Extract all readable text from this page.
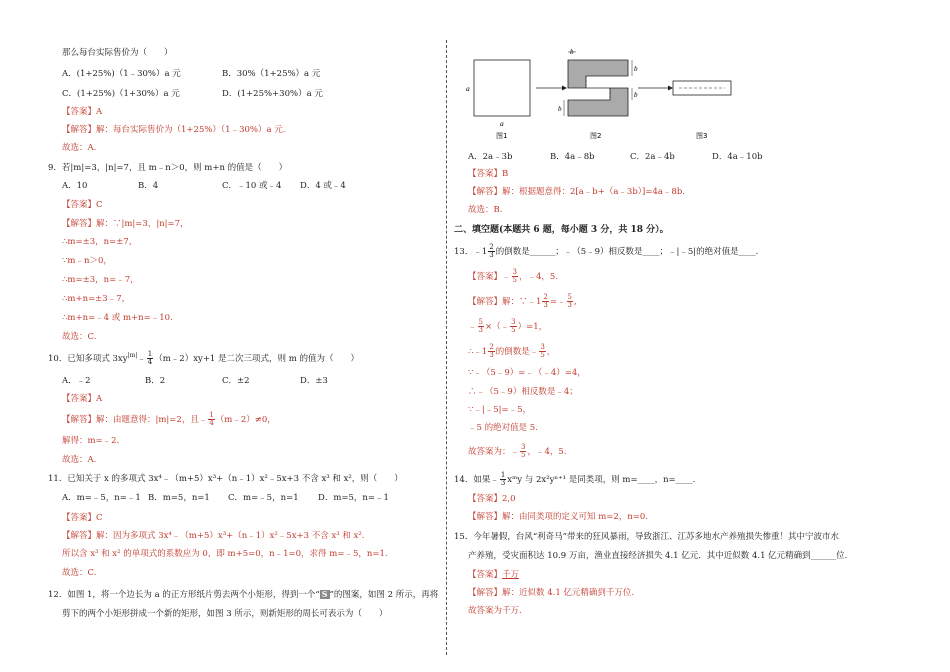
那么每台实际售价为（　　）
A．(1+25%)（1﹣30%）a 元	B．30%（1+25%）a 元
C．(1+25%)（1+30%）a 元	D．(1+25%+30%）a 元
【答案】A
【解答】解：每台实际售价为（1+25%）（1﹣30%）a 元.
故选：A.
9．若|m|=3，|n|=7，且 m﹣n＞0，则 m+n 的值是（　　）
A．10	B．4	C．﹣10 或﹣4 D．4 或﹣4
【答案】C
【解答】解：∵|m|=3，|n|=7，
∴m=±3，n=±7，
∵m﹣n＞0，
∴m=±3，n=﹣7，
∴m+n=±3﹣7，
∴m+n=﹣4 或 m+n=﹣10.
故选：C.
10．已知多项式 $3xy^{|m|}﹣ \frac{1}{4}$ （m﹣2）xy+1 是二次三项式，则 m 的值为（　　）
A．﹣2	B．2	C．±2	D．±3
【答案】A
【解答】解：由题意得：|m|=2，且﹣ $\frac{1}{4}$ （m﹣2）≠0，
解得：m=﹣2．
故选：A.
11．已知关于 x 的多项式 3x⁴﹣（m+5）x³+（n﹣1）x²﹣5x+3 不含 x³ 和 x²，则（　　）
A．m=﹣5，n=﹣1 B．m=5，n=1 C．m=﹣5，n=1 D．m=5，n=﹣1
【答案】C
【解答】解：因为多项式 3x⁴﹣（m+5）x³+（n﹣1）x²﹣5x+3 不含 x³ 和 x².
所以含 x³ 和 x² 的单项式的系数应为 0，即 m+5=0，n﹣1=0，求得 m=﹣5，n=1.
故选：C.
12．如图 1，将一个边长为 a 的正方形纸片剪去两个小矩形，得到一个“ S ”的图案，如图 2 所示，再将
剪下的两个小矩形拼成一个新的矩形，如图 3 所示，则新矩形的周长可表示为（　　）
a
a
b
b
b
b
图1	图2	图3
A．2a﹣3b	B．4a﹣8b	C．2a﹣4b	D．4a﹣10b
【答案】B
【解答】解：根据题意得：2[a﹣b+（a﹣3b）]=4a﹣8b.
故选：B.
二、填空题(本题共 6 题，每小题 3 分，共 18 分）。
13．﹣1 $\frac{2}{3}$ 的倒数是______；﹣（5﹣9）相反数是____；﹣|﹣5|的绝对值是____.
【答案】﹣ $\frac{3}{5}$ ，﹣4，5.
【解答】解：∵﹣1 $\frac{2}{3}$ =﹣ $\frac{5}{3}$ ,
﹣ $\frac{5}{3}$ ×（﹣ $\frac{3}{5} )=1$，
∴﹣1 $\frac{2}{3}$ 的倒数是﹣ $\frac{3}{5}$ ，
∵﹣（5﹣9）=﹣（﹣4）=4，
∴﹣（5﹣9）相反数是﹣4；
∵﹣|﹣5|=﹣5，
﹣5 的绝对值是 5.
故答案为：﹣ $\frac{3}{5}$ ，﹣4，5.
14．如果﹣ $\frac{1}{3}$ xᵐy 与 2x²yⁿ⁺¹ 是同类项，则 m=____，n=____.
【答案】2,0
【解答】解：由同类项的定义可知 m=2，n=0.
15．今年暑假，台风“利奇马”带来的狂风暴雨，导致浙江、江苏多地水产养殖损失惨重！其中宁波市水
产养殖，受灾面积达 10.9 万亩，渔业直接经济损失 4.1 亿元．其中近似数 4.1 亿元精确到______位.
【答案】千万
【解答】解：近似数 4.1 亿元精确到千万位.
故答案为千万.
